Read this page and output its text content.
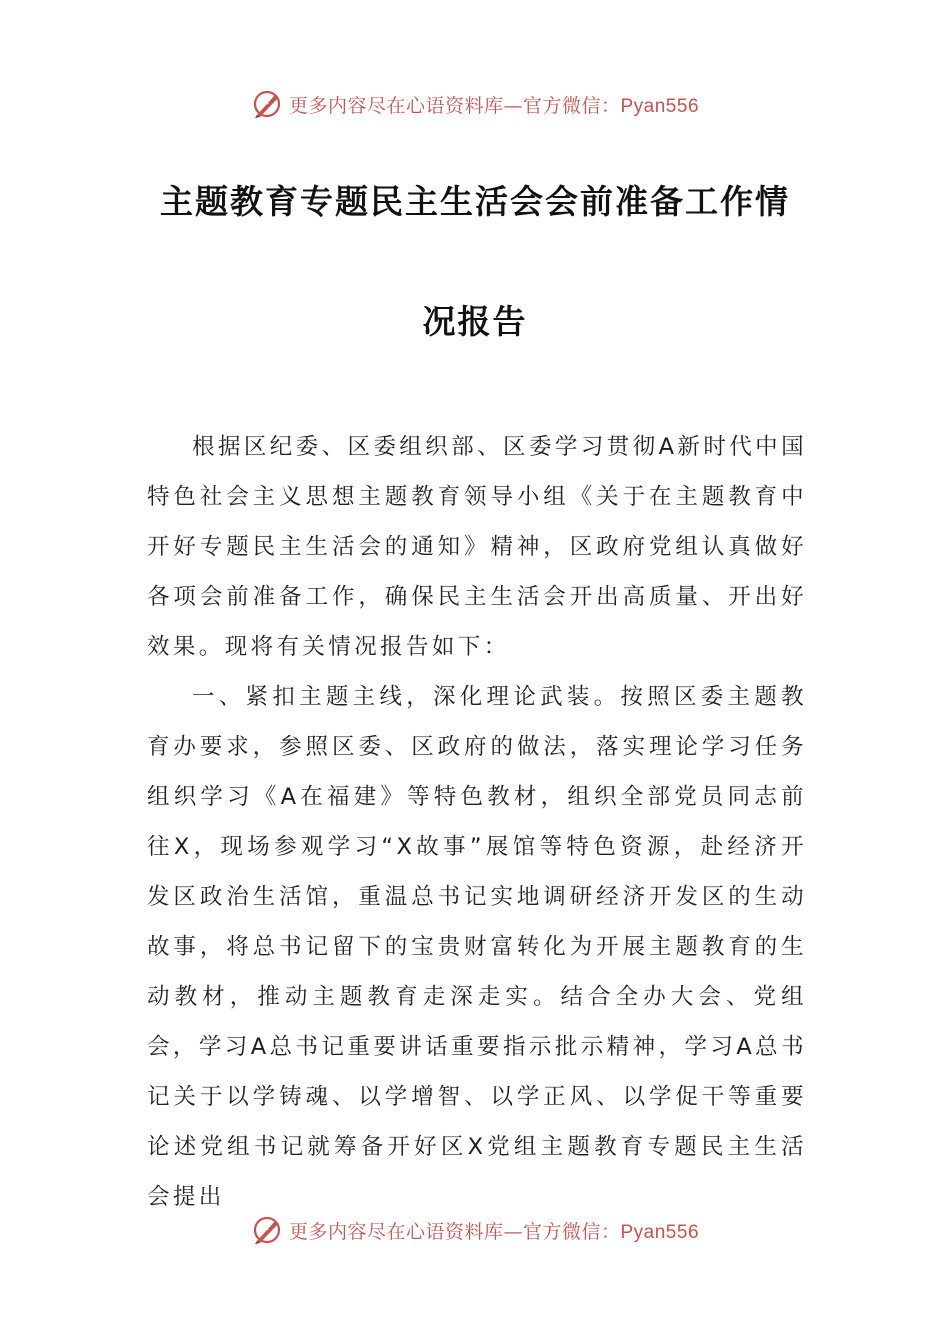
更多内容尽在心语资料库—官方微信：Pyan556
主题教育专题民主生活会会前准备工作情
况报告

根据区纪委、区委组织部、区委学习贯彻A新时代中国特色社会主义思想主题教育领导小组《关于在主题教育中开好专题民主生活会的通知》精神，区政府党组认真做好各项会前准备工作，确保民主生活会开出高质量、开出好效果。现将有关情况报告如下：

一、紧扣主题主线，深化理论武装。按照区委主题教育办要求，参照区委、区政府的做法，落实理论学习任务组织学习《A在福建》等特色教材，组织全部党员同志前往X，现场参观学习“X故事”展馆等特色资源，赴经济开发区政治生活馆，重温总书记实地调研经济开发区的生动故事，将总书记留下的宝贵财富转化为开展主题教育的生动教材，推动主题教育走深走实。结合全办大会、党组会，学习A总书记重要讲话重要指示批示精神，学习A总书记关于以学铸魂、以学增智、以学正风、以学促干等重要论述党组书记就筹备开好区X党组主题教育专题民主生活会提出

更多内容尽在心语资料库—官方微信：Pyan556
